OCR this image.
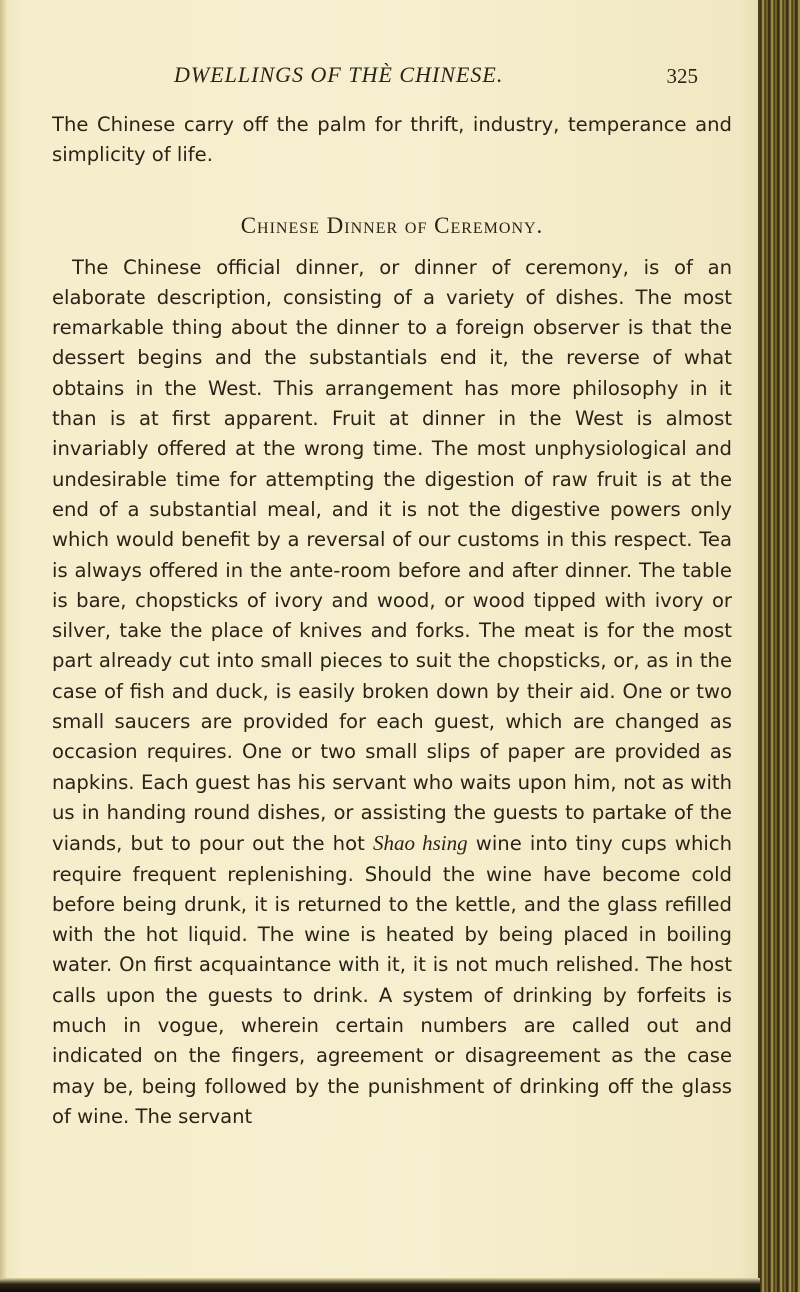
DWELLINGS OF THÈ CHINESE.	325

The Chinese carry off the palm for thrift, industry, temperance and simplicity of life.

Chinese Dinner of Ceremony.

The Chinese official dinner, or dinner of ceremony, is of an elaborate description, consisting of a variety of dishes. The most remarkable thing about the dinner to a foreign observer is that the dessert begins and the substantials end it, the reverse of what obtains in the West. This arrangement has more philosophy in it than is at first apparent. Fruit at dinner in the West is almost invariably offered at the wrong time. The most unphysiological and undesirable time for attempting the digestion of raw fruit is at the end of a substantial meal, and it is not the digestive powers only which would benefit by a reversal of our customs in this respect. Tea is always offered in the ante-room before and after dinner. The table is bare, chopsticks of ivory and wood, or wood tipped with ivory or silver, take the place of knives and forks. The meat is for the most part already cut into small pieces to suit the chopsticks, or, as in the case of fish and duck, is easily broken down by their aid. One or two small saucers are provided for each guest, which are changed as occasion requires. One or two small slips of paper are provided as napkins. Each guest has his servant who waits upon him, not as with us in handing round dishes, or assisting the guests to partake of the viands, but to pour out the hot Shao hsing wine into tiny cups which require frequent replenishing. Should the wine have become cold before being drunk, it is returned to the kettle, and the glass refilled with the hot liquid. The wine is heated by being placed in boiling water. On first acquaintance with it, it is not much relished. The host calls upon the guests to drink. A system of drinking by forfeits is much in vogue, wherein certain numbers are called out and indicated on the fingers, agreement or disagreement as the case may be, being followed by the punishment of drinking off the glass of wine. The servant
